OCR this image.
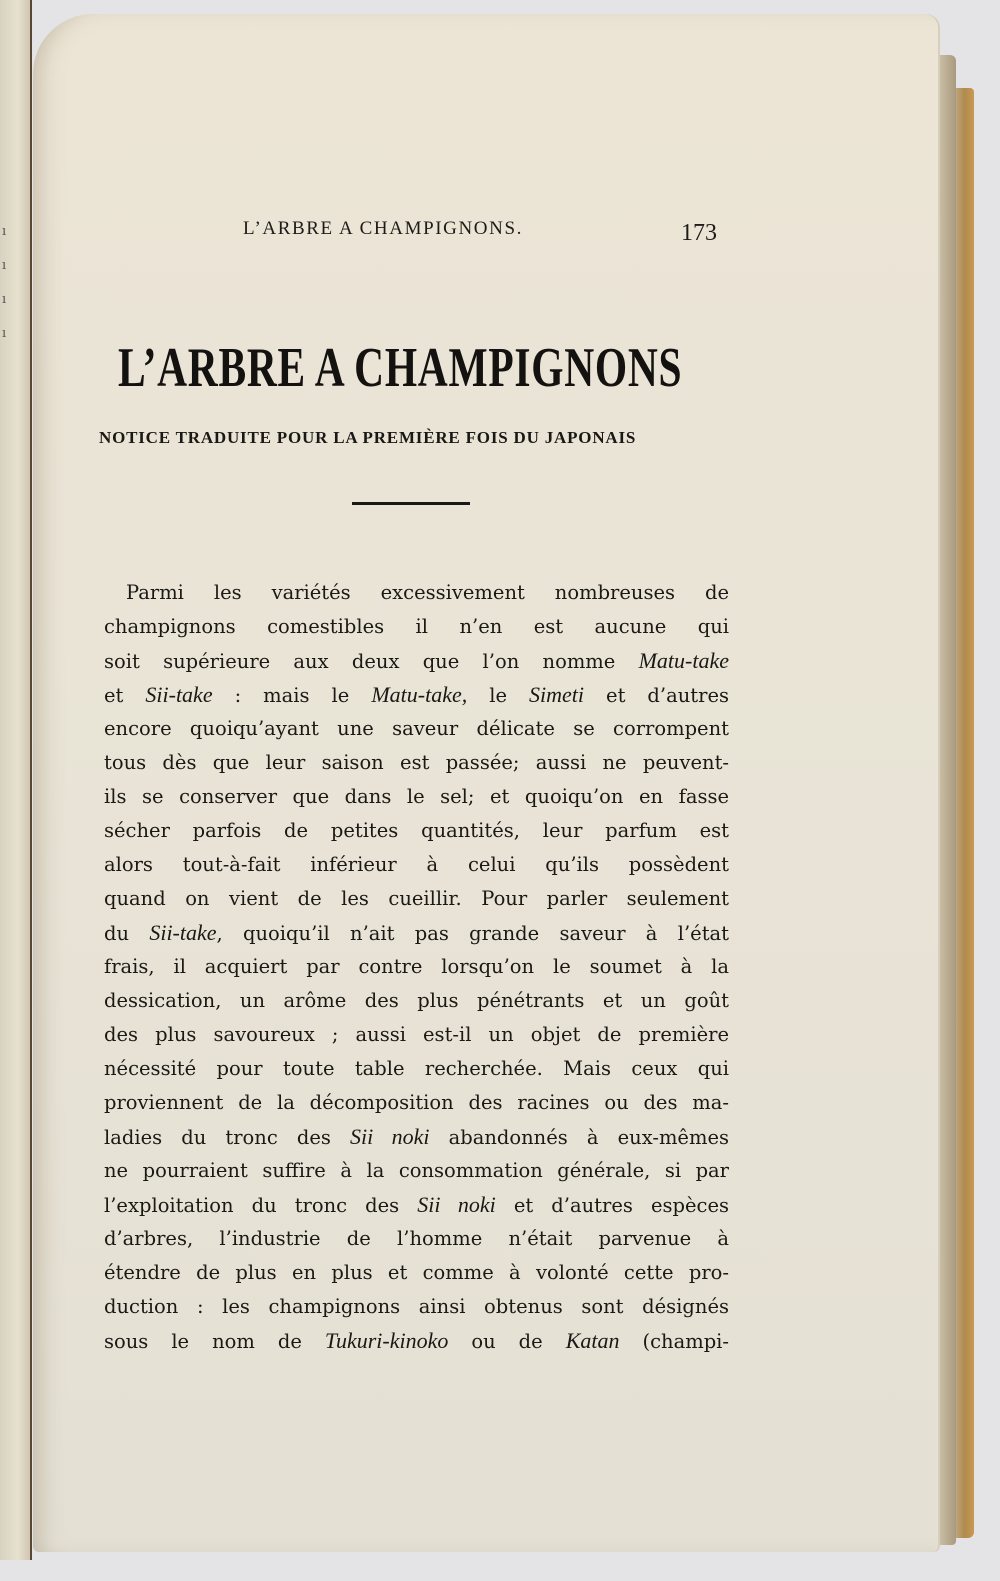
ı
ı
ı
ı
L’ARBRE A CHAMPIGNONS.	173
L’ARBRE A CHAMPIGNONS
NOTICE TRADUITE POUR LA PREMIÈRE FOIS DU JAPONAIS
Parmi les variétés excessivement nombreuses de
champignons comestibles il n’en est aucune qui
soit supérieure aux deux que l’on nomme Matu-take
et Sii-take : mais le Matu-take, le Simeti et d’autres
encore quoiqu’ayant une saveur délicate se corrompent
tous dès que leur saison est passée; aussi ne peuvent-
ils se conserver que dans le sel; et quoiqu’on en fasse
sécher parfois de petites quantités, leur parfum est
alors tout-à-fait inférieur à celui qu’ils possèdent
quand on vient de les cueillir. Pour parler seulement
du Sii-take, quoiqu’il n’ait pas grande saveur à l’état
frais, il acquiert par contre lorsqu’on le soumet à la
dessication, un arôme des plus pénétrants et un goût
des plus savoureux ; aussi est-il un objet de première
nécessité pour toute table recherchée. Mais ceux qui
proviennent de la décomposition des racines ou des ma-
ladies du tronc des Sii noki abandonnés à eux-mêmes
ne pourraient suffire à la consommation générale, si par
l’exploitation du tronc des Sii noki et d’autres espèces
d’arbres, l’industrie de l’homme n’était parvenue à
étendre de plus en plus et comme à volonté cette pro-
duction : les champignons ainsi obtenus sont désignés
sous le nom de Tukuri-kinoko ou de Katan (champi-
